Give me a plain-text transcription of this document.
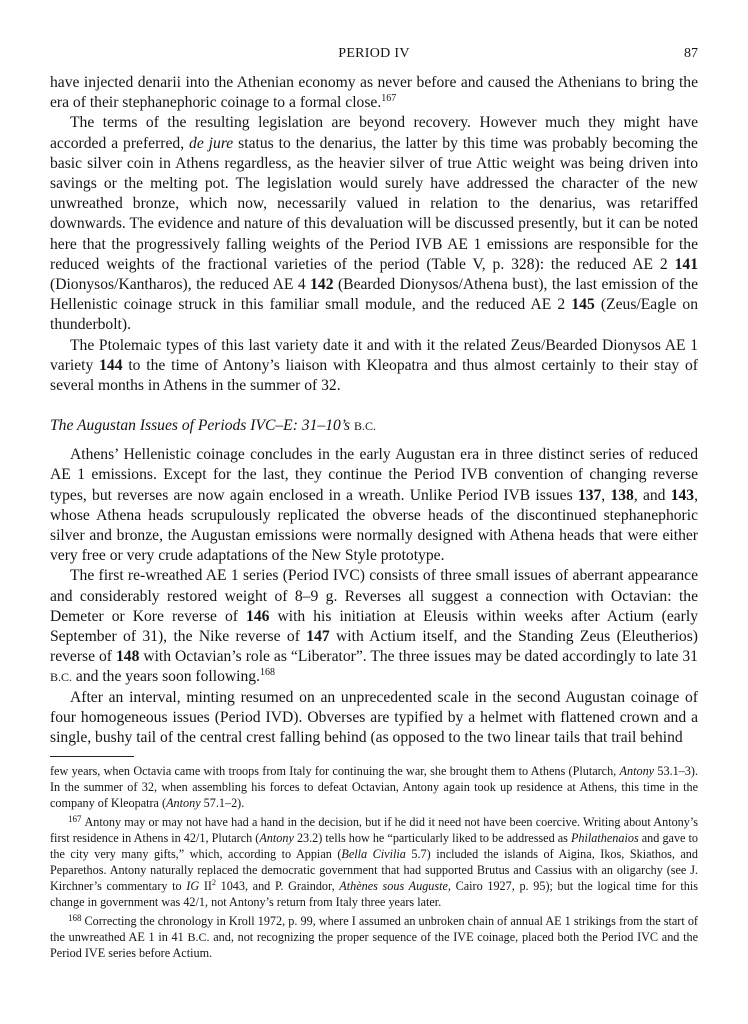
PERIOD IV	87

have injected denarii into the Athenian economy as never before and caused the Athenians to bring the era of their stephanephoric coinage to a formal close.$^{167}$

The terms of the resulting legislation are beyond recovery. However much they might have accorded a preferred, de jure status to the denarius, the latter by this time was probably becoming the basic silver coin in Athens regardless, as the heavier silver of true Attic weight was being driven into savings or the melting pot. The legislation would surely have addressed the character of the new unwreathed bronze, which now, necessarily valued in relation to the denarius, was retariffed downwards. The evidence and nature of this devaluation will be discussed presently, but it can be noted here that the progressively falling weights of the Period IVB AE 1 emissions are responsible for the reduced weights of the fractional varieties of the period (Table V, p. 328): the reduced AE 2 141 (Dionysos/Kantharos), the reduced AE 4 142 (Bearded Dionysos/Athena bust), the last emission of the Hellenistic coinage struck in this familiar small module, and the reduced AE 2 145 (Zeus/Eagle on thunderbolt).

The Ptolemaic types of this last variety date it and with it the related Zeus/Bearded Dionysos AE 1 variety 144 to the time of Antony’s liaison with Kleopatra and thus almost certainly to their stay of several months in Athens in the summer of 32.

The Augustan Issues of Periods IVC–E: 31–10’s B.C.

Athens’ Hellenistic coinage concludes in the early Augustan era in three distinct series of reduced AE 1 emissions. Except for the last, they continue the Period IVB convention of changing reverse types, but reverses are now again enclosed in a wreath. Unlike Period IVB issues 137, 138, and 143, whose Athena heads scrupulously replicated the obverse heads of the discontinued stephanephoric silver and bronze, the Augustan emissions were normally designed with Athena heads that were either very free or very crude adaptations of the New Style prototype.

The first re-wreathed AE 1 series (Period IVC) consists of three small issues of aberrant appearance and considerably restored weight of 8–9 g. Reverses all suggest a connection with Octavian: the Demeter or Kore reverse of 146 with his initiation at Eleusis within weeks after Actium (early September of 31), the Nike reverse of 147 with Actium itself, and the Standing Zeus (Eleutherios) reverse of 148 with Octavian’s role as “Liberator”. The three issues may be dated accordingly to late 31 B.C. and the years soon following.$^{168}$

After an interval, minting resumed on an unprecedented scale in the second Augustan coinage of four homogeneous issues (Period IVD). Obverses are typified by a helmet with flattened crown and a single, bushy tail of the central crest falling behind (as opposed to the two linear tails that trail behind

few years, when Octavia came with troops from Italy for continuing the war, she brought them to Athens (Plutarch, Antony 53.1–3). In the summer of 32, when assembling his forces to defeat Octavian, Antony again took up residence at Athens, this time in the company of Kleopatra (Antony 57.1–2).

$^{167}$ Antony may or may not have had a hand in the decision, but if he did it need not have been coercive. Writing about Antony’s first residence in Athens in 42/1, Plutarch (Antony 23.2) tells how he “particularly liked to be addressed as Philathenaios and gave to the city very many gifts,” which, according to Appian (Bella Civilia 5.7) included the islands of Aigina, Ikos, Skiathos, and Peparethos. Antony naturally replaced the democratic government that had supported Brutus and Cassius with an oligarchy (see J. Kirchner’s commentary to IG $II^2$ 1043, and P. Graindor, Athènes sous Auguste, Cairo 1927, p. 95); but the logical time for this change in government was 42/1, not Antony’s return from Italy three years later.

$^{168}$ Correcting the chronology in Kroll 1972, p. 99, where I assumed an unbroken chain of annual AE 1 strikings from the start of the unwreathed AE 1 in 41 B.C. and, not recognizing the proper sequence of the IVE coinage, placed both the Period IVC and the Period IVE series before Actium.
